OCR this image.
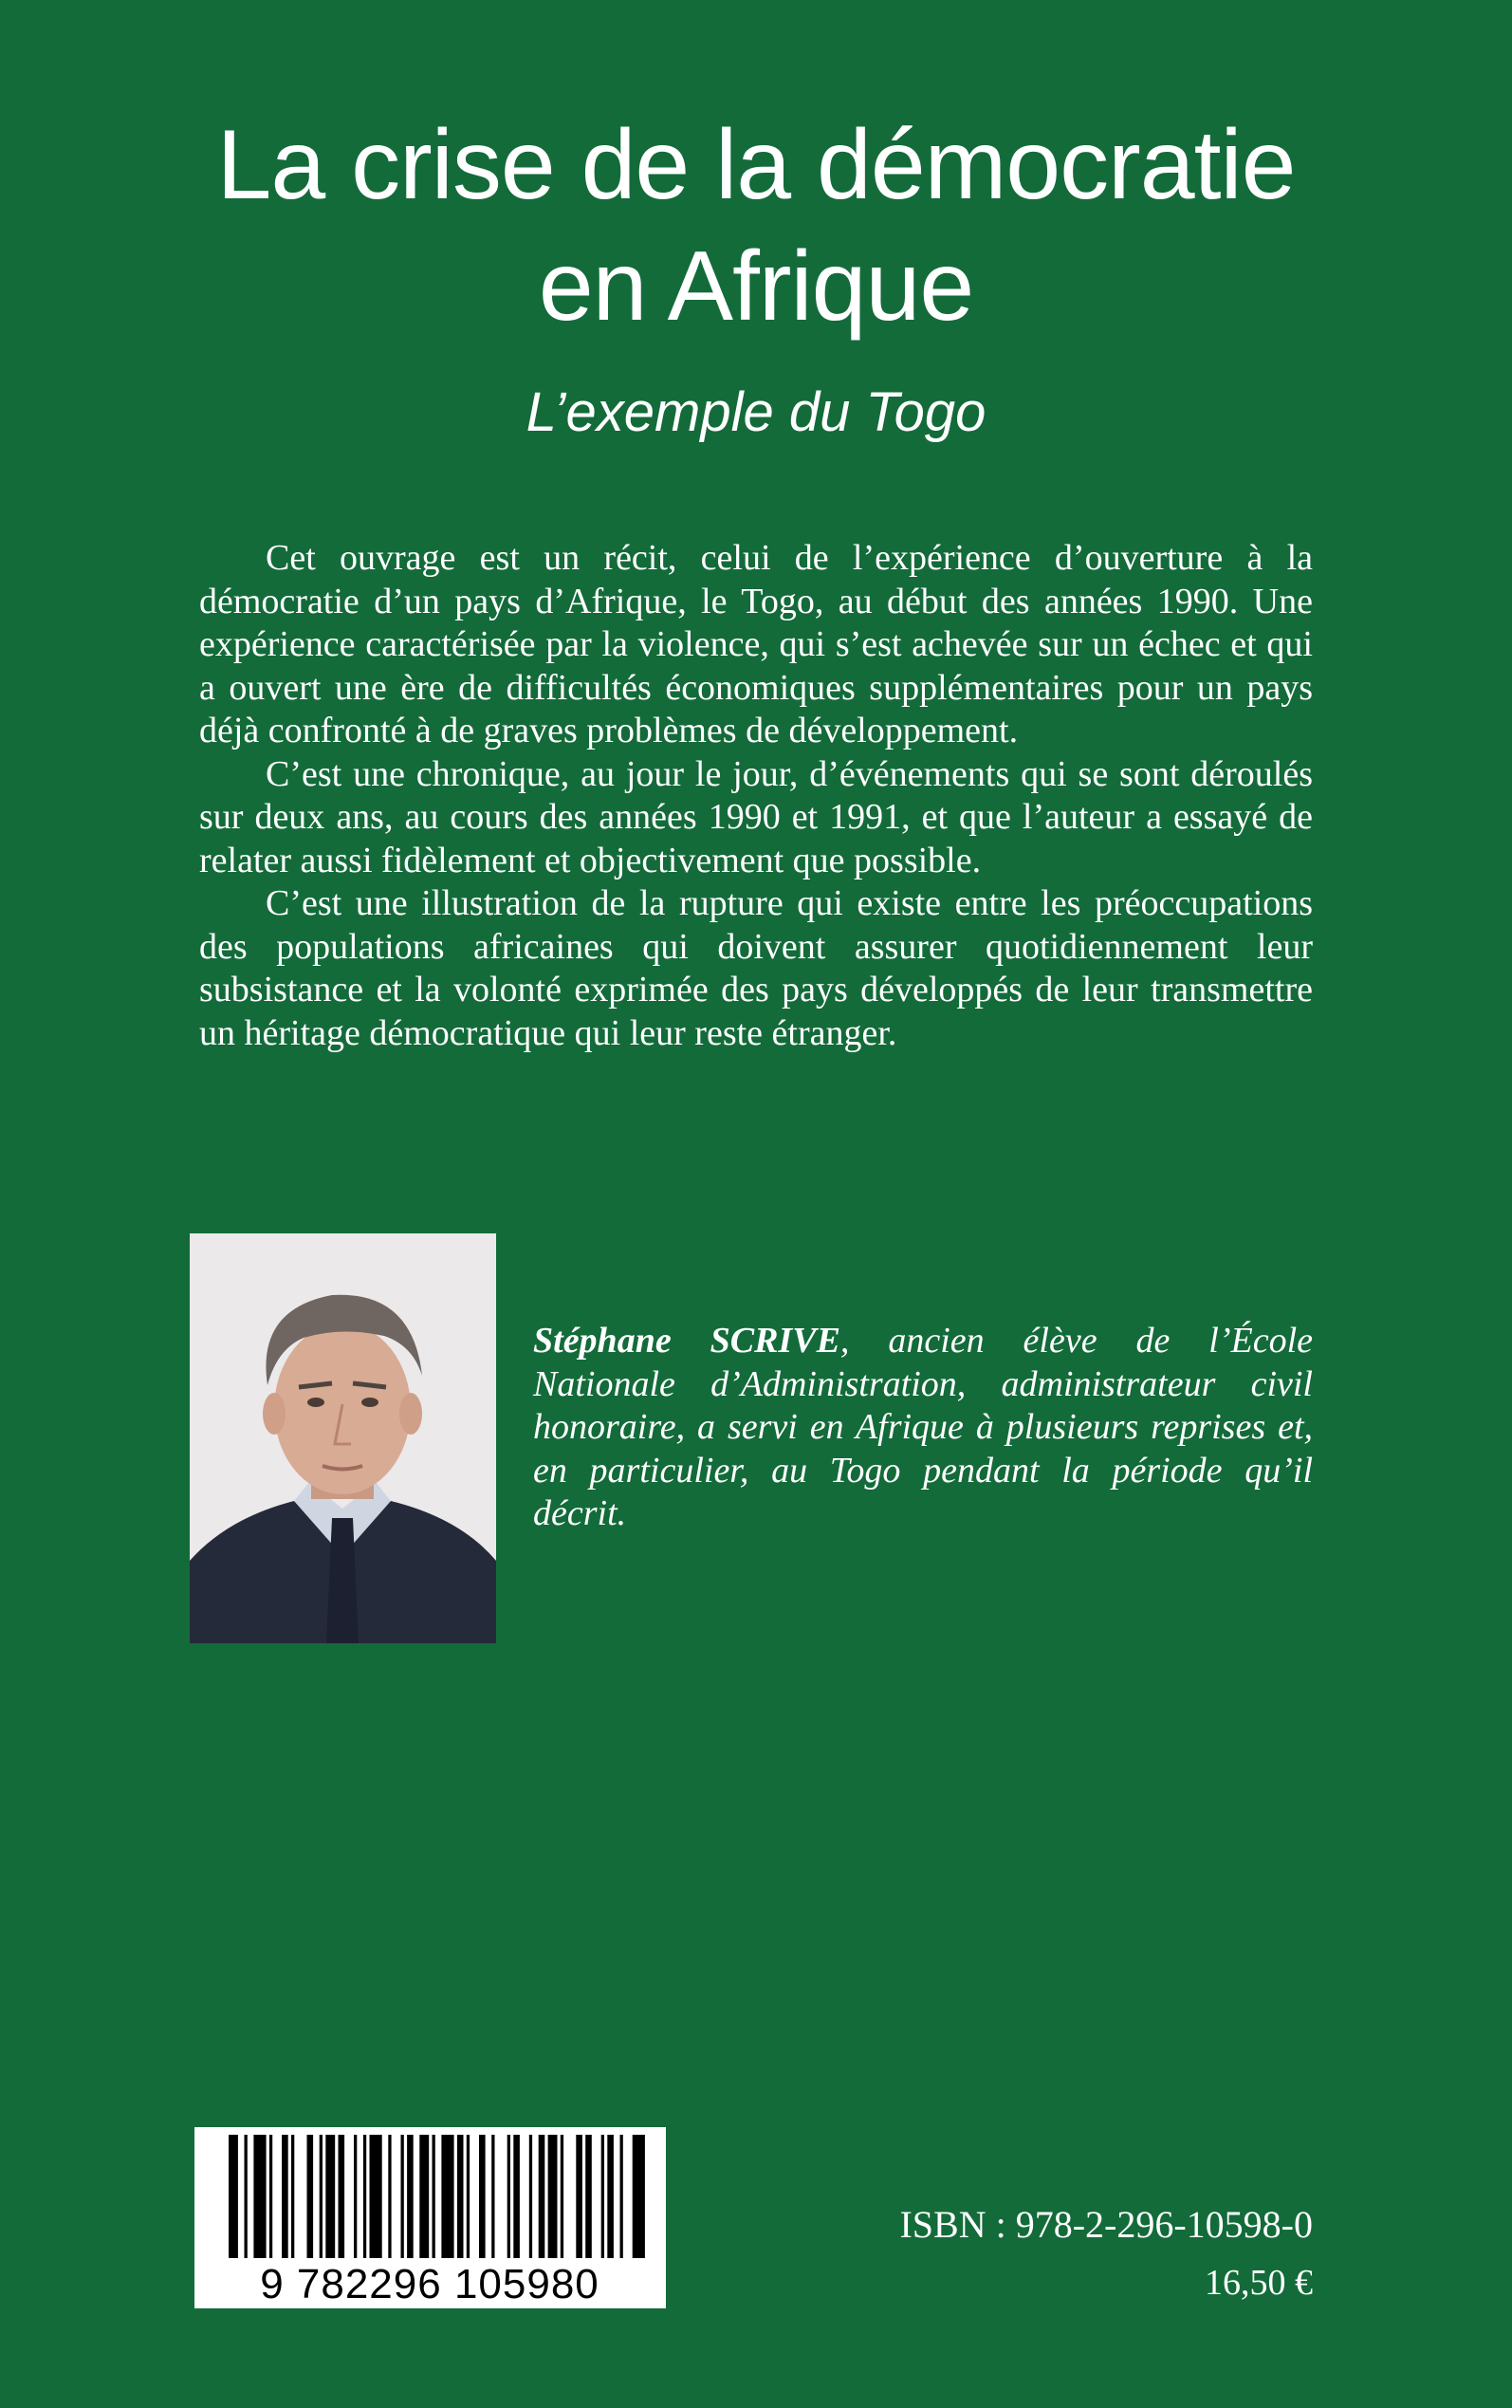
La crise de la démocratie
en Afrique

L’exemple du Togo

Cet ouvrage est un récit, celui de l’expérience d’ouverture à la démocratie d’un pays d’Afrique, le Togo, au début des années 1990. Une expérience caractérisée par la violence, qui s’est achevée sur un échec et qui a ouvert une ère de difficultés économiques supplémentaires pour un pays déjà confronté à de graves problèmes de développement.

C’est une chronique, au jour le jour, d’événements qui se sont déroulés sur deux ans, au cours des années 1990 et 1991, et que l’auteur a essayé de relater aussi fidèlement et objectivement que possible.

C’est une illustration de la rupture qui existe entre les préoccupations des populations africaines qui doivent assurer quotidiennement leur subsistance et la volonté exprimée des pays développés de leur transmettre un héritage démocratique qui leur reste étranger.

Stéphane SCRIVE, ancien élève de l’École Nationale d’Administration, administrateur civil honoraire, a servi en Afrique à plusieurs reprises et, en particulier, au Togo pendant la période qu’il décrit.

9 782296 105980

ISBN : 978-2-296-10598-0

16,50 €
